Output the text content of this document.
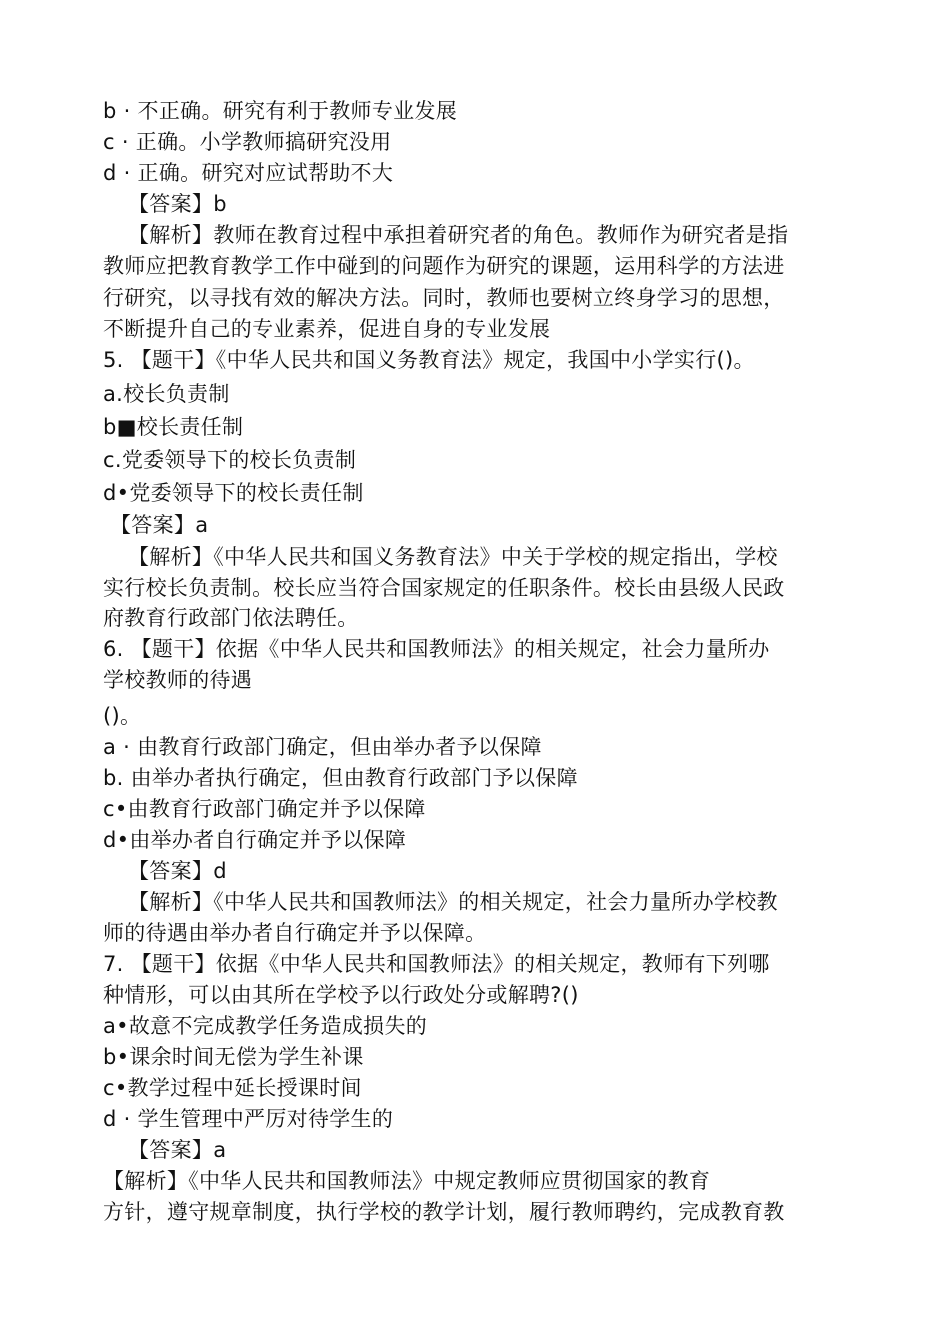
b · 不正确。研究有利于教师专业发展
c · 正确。小学教师搞研究没用
d · 正确。研究对应试帮助不大
【答案】b
【解析】教师在教育过程中承担着研究者的角色。教师作为研究者是指
教师应把教育教学工作中碰到的问题作为研究的课题，运用科学的方法进
行研究，以寻找有效的解决方法。同时，教师也要树立终身学习的思想，
不断提升自己的专业素养，促进自身的专业发展
5. 【题干】《中华人民共和国义务教育法》规定，我国中小学实行()。
a.校长负责制
b■校长责任制
c.党委领导下的校长负责制
d•党委领导下的校长责任制
【答案】a
【解析】《中华人民共和国义务教育法》中关于学校的规定指出，学校
实行校长负责制。校长应当符合国家规定的任职条件。校长由县级人民政
府教育行政部门依法聘任。
6. 【题干】依据《中华人民共和国教师法》的相关规定，社会力量所办
学校教师的待遇
()。
a · 由教育行政部门确定，但由举办者予以保障
b. 由举办者执行确定，但由教育行政部门予以保障
c•由教育行政部门确定并予以保障
d•由举办者自行确定并予以保障
【答案】d
【解析】《中华人民共和国教师法》的相关规定，社会力量所办学校教
师的待遇由举办者自行确定并予以保障。
7. 【题干】依据《中华人民共和国教师法》的相关规定，教师有下列哪
种情形，可以由其所在学校予以行政处分或解聘?()
a•故意不完成教学任务造成损失的
b•课余时间无偿为学生补课
c•教学过程中延长授课时间
d · 学生管理中严厉对待学生的
【答案】a
【解析】《中华人民共和国教师法》中规定教师应贯彻国家的教育
方针，遵守规章制度，执行学校的教学计划，履行教师聘约，完成教育教
